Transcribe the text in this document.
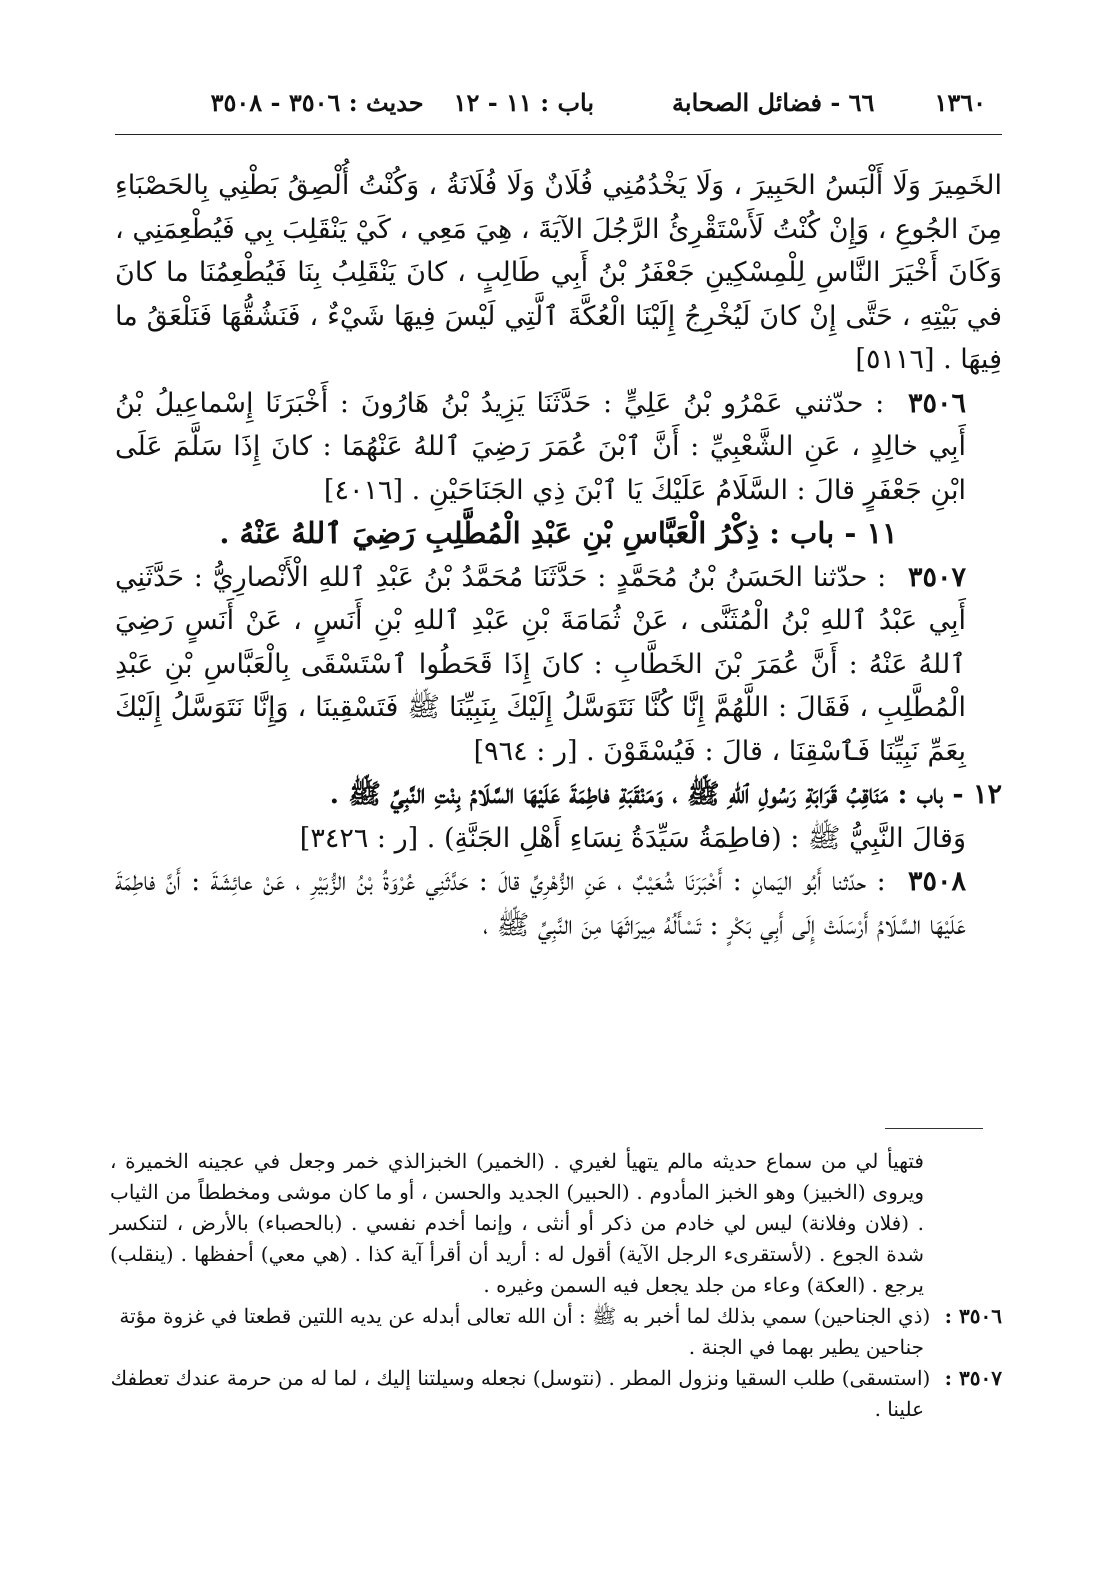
١٣٦٠
٦٦ - فضائل الصحابة
باب : ١١ - ١٢
حديث : ٣٥٠٦ - ٣٥٠٨

الخَمِيرَ وَلَا أَلْبَسُ الحَبِيرَ ، وَلَا يَخْدُمُنِي فُلَانٌ وَلَا فُلَانَةُ ، وَكُنْتُ أُلْصِقُ بَطْنِي بِالحَصْبَاءِ مِنَ الجُوعِ ، وَإِنْ كُنْتُ لَأَسْتَقْرِئُ الرَّجُلَ الآيَةَ ، هِيَ مَعِي ، كَيْ يَنْقَلِبَ بِي فَيُطْعِمَنِي ، وَكَانَ أَخْيَرَ النَّاسِ لِلْمِسْكِينِ جَعْفَرُ بْنُ أَبِي طَالِبٍ ، كانَ يَنْقَلِبُ بِنَا فَيُطْعِمُنَا ما كانَ في بَيْتِهِ ، حَتَّى إِنْ كانَ لَيُخْرِجُ إِلَيْنَا الْعُكَّةَ ٱلَّتِي لَيْسَ فِيهَا شَيْءٌ ، فَنَشُقُّهَا فَنَلْعَقُ ما فِيهَا . [٥١١٦]

٣٥٠٦ : حدّثني عَمْرُو بْنُ عَلِيٍّ : حَدَّثَنَا يَزِيدُ بْنُ هَارُونَ : أَخْبَرَنَا إِسْماعِيلُ بْنُ أَبِي خالِدٍ ، عَنِ الشَّعْبِيِّ : أَنَّ ٱبْنَ عُمَرَ رَضِيَ ٱللهُ عَنْهُمَا : كانَ إِذَا سَلَّمَ عَلَى ابْنِ جَعْفَرٍ قالَ : السَّلَامُ عَلَيْكَ يَا ٱبْنَ ذِي الجَنَاحَيْنِ . [٤٠١٦]

١١ - باب : ذِكْرُ الْعَبَّاسِ بْنِ عَبْدِ الْمُطَّلِبِ رَضِيَ ٱللهُ عَنْهُ .

٣٥٠٧ : حدّثنا الحَسَنُ بْنُ مُحَمَّدٍ : حَدَّثَنَا مُحَمَّدُ بْنُ عَبْدِ ٱللهِ الْأَنْصارِيُّ : حَدَّثَنِي أَبِي عَبْدُ ٱللهِ بْنُ الْمُثَنَّى ، عَنْ ثُمَامَةَ بْنِ عَبْدِ ٱللهِ بْنِ أَنَسٍ ، عَنْ أَنَسٍ رَضِيَ ٱللهُ عَنْهُ : أَنَّ عُمَرَ بْنَ الخَطَّابِ : كانَ إِذَا قَحَطُوا ٱسْتَسْقَى بِالْعَبَّاسِ بْنِ عَبْدِ الْمُطَّلِبِ ، فَقَالَ : اللَّهُمَّ إِنَّا كُنَّا نَتَوَسَّلُ إِلَيْكَ بِنَبِيِّنَا ﷺ فَتَسْقِينَا ، وَإِنَّا نَتَوَسَّلُ إِلَيْكَ بِعَمِّ نَبِيِّنَا فَٱسْقِنَا ، قالَ : فَيُسْقَوْنَ . [ر : ٩٦٤]

١٢ - باب : مَنَاقِبُ قَرَابَةِ رَسُولِ ٱللهِ ﷺ ، وَمَنْقَبَةِ فاطِمَةَ عَلَيْهَا السَّلَامُ بِنْتِ النَّبِيِّ ﷺ .

وَقالَ النَّبِيُّ ﷺ : (فاطِمَةُ سَيِّدَةُ نِسَاءِ أَهْلِ الجَنَّةِ) . [ر : ٣٤٢٦]

٣٥٠٨ : حدّثنا أَبُو اليَمانِ : أَخْبَرَنَا شُعَيْبٌ ، عَنِ الزُّهْرِيِّ قالَ : حَدَّثَنِي عُرْوَةُ بْنُ الزُّبَيْرِ ، عَنْ عائِشَةَ : أَنَّ فاطِمَةَ عَلَيْهَا السَّلَامُ أَرْسَلَتْ إِلَى أَبِي بَكْرٍ : تَسْأَلُهُ مِيرَاثَهَا مِنَ النَّبِيِّ ﷺ ،

فتهيأ لي من سماع حديثه مالم يتهيأ لغيري . (الخمير) الخبزالذي خمر وجعل في عجينه الخميرة ، ويروى (الخبيز) وهو الخبز المأدوم . (الحبير) الجديد والحسن ، أو ما كان موشى ومخططاً من الثياب . (فلان وفلانة) ليس لي خادم من ذكر أو أنثى ، وإنما أخدم نفسي . (بالحصباء) بالأرض ، لتنكسر شدة الجوع . (لأستقرىء الرجل الآية) أقول له : أريد أن أقرأ آية كذا . (هي معي) أحفظها . (ينقلب) يرجع . (العكة) وعاء من جلد يجعل فيه السمن وغيره .

٣٥٠٦ : (ذي الجناحين) سمي بذلك لما أخبر به ﷺ : أن الله تعالى أبدله عن يديه اللتين قطعتا في غزوة مؤتة
جناحين يطير بهما في الجنة .

٣٥٠٧ : (استسقى) طلب السقيا ونزول المطر . (نتوسل) نجعله وسيلتنا إليك ، لما له من حرمة عندك تعطفك
علينا .
